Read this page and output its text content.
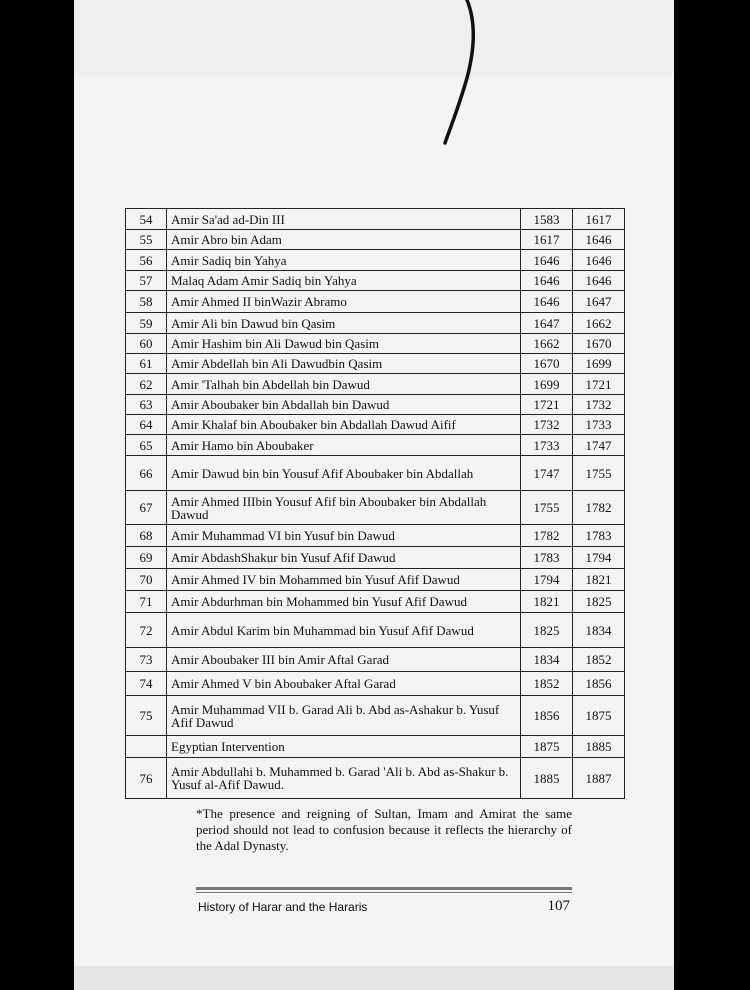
54	Amir Sa'ad ad-Din III	1583	1617
55	Amir Abro bin Adam	1617	1646
56	Amir Sadiq bin Yahya	1646	1646
57	Malaq Adam Amir Sadiq bin Yahya	1646	1646
58	Amir Ahmed II binWazir Abramo	1646	1647
59	Amir Ali bin Dawud bin Qasim	1647	1662
60	Amir Hashim bin Ali Dawud bin Qasim	1662	1670
61	Amir Abdellah bin Ali Dawudbin Qasim	1670	1699
62	Amir 'Talhah bin Abdellah bin Dawud	1699	1721
63	Amir Aboubaker bin Abdallah bin Dawud	1721	1732
64	Amir Khalaf bin Aboubaker bin Abdallah Dawud Aifif	1732	1733
65	Amir Hamo bin Aboubaker	1733	1747
66	Amir Dawud bin bin Yousuf Afif Aboubaker bin Abdallah	1747	1755
67	Amir Ahmed IIIbin Yousuf Afif bin Aboubaker bin Abdallah Dawud	1755	1782
68	Amir Muhammad VI bin Yusuf bin Dawud	1782	1783
69	Amir AbdashShakur bin Yusuf Afif Dawud	1783	1794
70	Amir Ahmed IV bin Mohammed bin Yusuf Afif Dawud	1794	1821
71	Amir Abdurhman bin Mohammed bin Yusuf Afif Dawud	1821	1825
72	Amir Abdul Karim bin Muhammad bin Yusuf Afif Dawud	1825	1834
73	Amir Aboubaker III bin Amir Aftal Garad	1834	1852
74	Amir Ahmed V bin Aboubaker Aftal Garad	1852	1856
75	Amir Muhammad VII b. Garad Ali b. Abd as-Ashakur b. Yusuf Afif Dawud	1856	1875
	Egyptian Intervention	1875	1885
76	Amir Abdullahi b. Muhammed b. Garad 'Ali b. Abd as-Shakur b. Yusuf al-Afif Dawud.	1885	1887
*The presence and reigning of Sultan, Imam and Amirat the same period should not lead to confusion because it reflects the hierarchy of the Adal Dynasty.
History of Harar and the Hararis	107
